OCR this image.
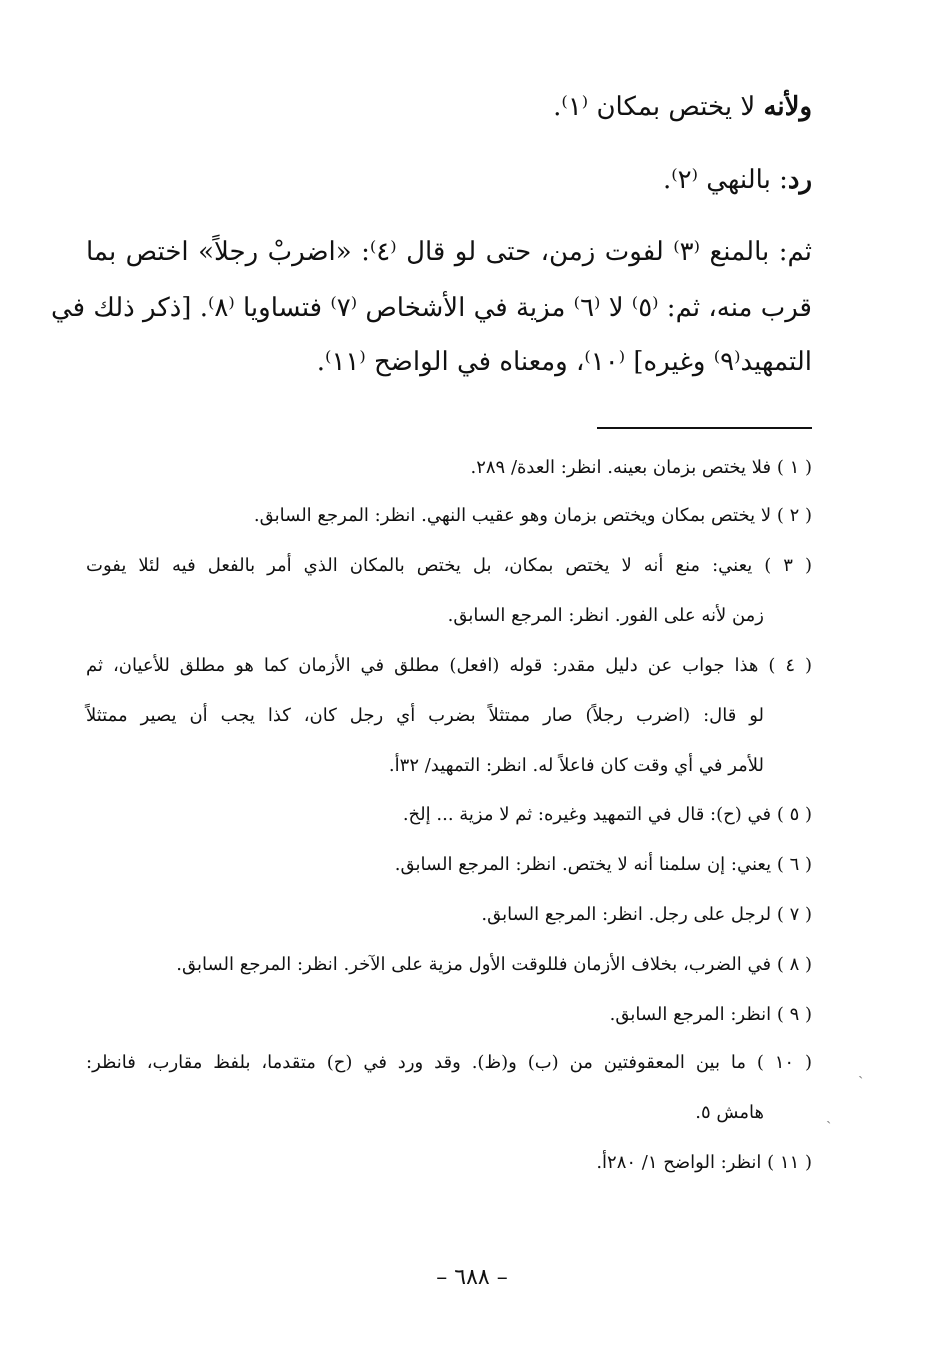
ولأنه لا يختص بمكان ⁽١⁾.

رد: بالنهي ⁽٢⁾.

ثم: بالمنع ⁽٣⁾ لفوت زمن، حتى لو قال ⁽٤⁾: «اضربْ رجلاً» اختص بما

قرب منه، ثم: ⁽٥⁾ لا ⁽٦⁾ مزية في الأشخاص ⁽٧⁾ فتساويا ⁽٨⁾. [ذكر ذلك في

التمهيد⁽٩⁾ وغيره] ⁽١٠⁾، ومعناه في الواضح ⁽١١⁾.

( ١ ) فلا يختص بزمان بعينه. انظر: العدة/ ٢٨٩.

( ٢ ) لا يختص بمكان ويختص بزمان وهو عقيب النهي. انظر: المرجع السابق.

( ٣ ) يعني: منع أنه لا يختص بمكان، بل يختص بالمكان الذي أمر بالفعل فيه لئلا يفوت

زمن لأنه على الفور. انظر: المرجع السابق.

( ٤ ) هذا جواب عن دليل مقدر: قوله (افعل) مطلق في الأزمان كما هو مطلق للأعيان، ثم

لو قال: (اضرب رجلاً) صار ممتثلاً بضرب أي رجل كان، كذا يجب أن يصير ممتثلاً

للأمر في أي وقت كان فاعلاً له. انظر: التمهيد/ ٣٢أ.

( ٥ ) في (ح): قال في التمهيد وغيره: ثم لا مزية ... إلخ.

( ٦ ) يعني: إن سلمنا أنه لا يختص. انظر: المرجع السابق.

( ٧ ) لرجل على رجل. انظر: المرجع السابق.

( ٨ ) في الضرب، بخلاف الأزمان فللوقت الأول مزية على الآخر. انظر: المرجع السابق.

( ٩ ) انظر: المرجع السابق.

( ١٠ ) ما بين المعقوفتين من (ب) و(ظ). وقد ورد في (ح) متقدما، بلفظ مقارب، فانظر:

هامش ٥.

( ١١ ) انظر: الواضح ١/ ٢٨٠أ.

– ٦٨٨ –
˴
˴
